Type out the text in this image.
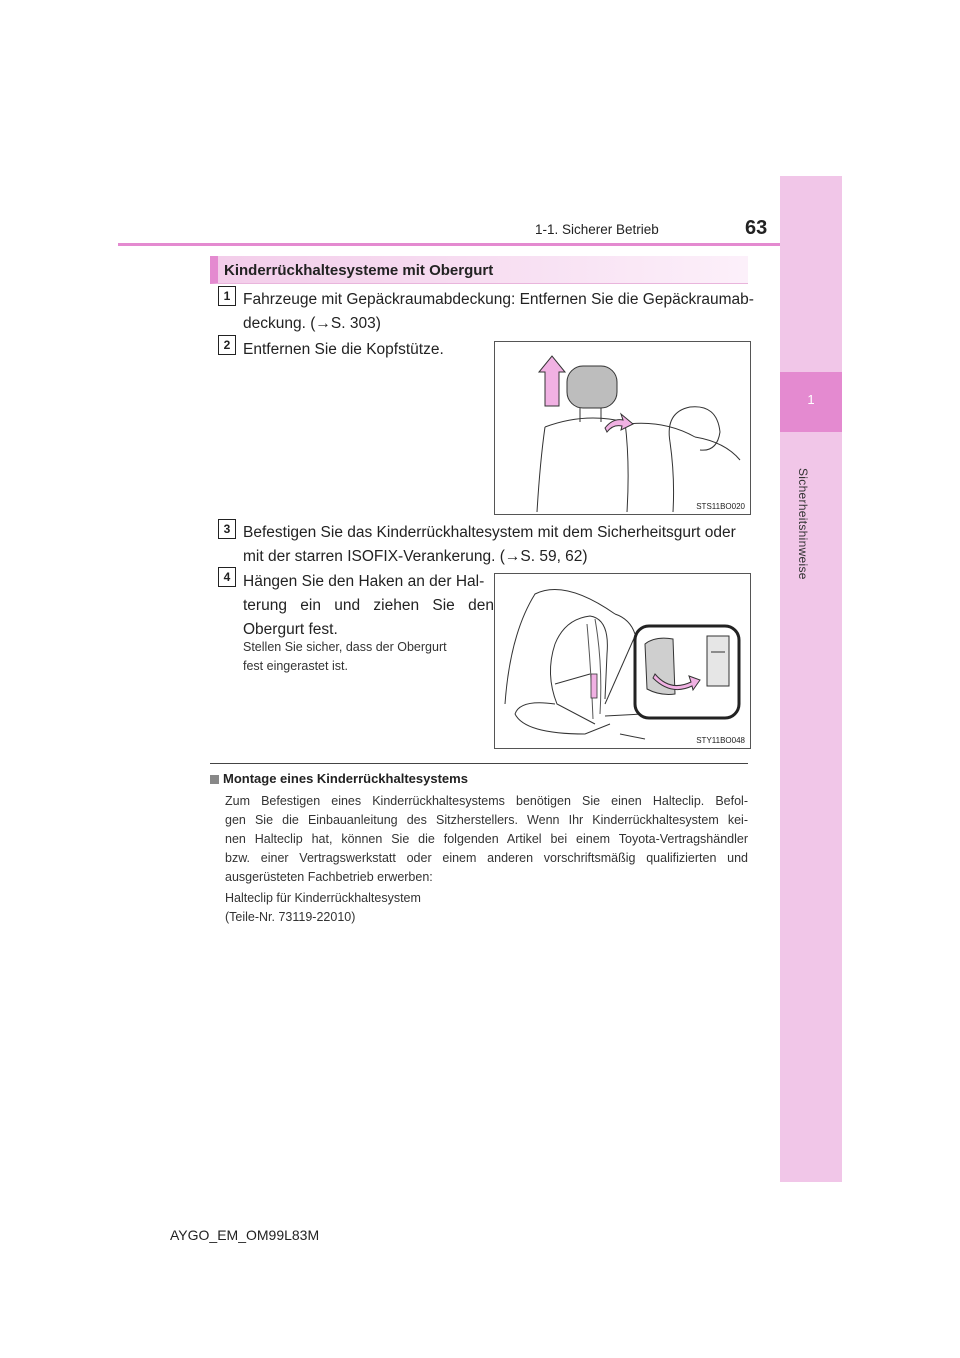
1-1. Sicherer Betrieb	63
1
Sicherheitshinweise
Kinderrückhaltesysteme mit Obergurt
1 Fahrzeuge mit Gepäckraumabdeckung: Entfernen Sie die Gepäckraumab-
deckung. (→S. 303)
2 Entfernen Sie die Kopfstütze.
STS11BO020
3 Befestigen Sie das Kinderrückhaltesystem mit dem Sicherheitsgurt oder
mit der starren ISOFIX-Verankerung. (→S. 59, 62)
4 Hängen Sie den Haken an der Hal-
terung ein und ziehen Sie den
Obergurt fest.
Stellen Sie sicher, dass der Obergurt
fest eingerastet ist.
STY11BO048
Montage eines Kinderrückhaltesystems
Zum Befestigen eines Kinderrückhaltesystems benötigen Sie einen Halteclip. Befol-
gen Sie die Einbauanleitung des Sitzherstellers. Wenn Ihr Kinderrückhaltesystem kei-
nen Halteclip hat, können Sie die folgenden Artikel bei einem Toyota-Vertragshändler
bzw. einer Vertragswerkstatt oder einem anderen vorschriftsmäßig qualifizierten und
ausgerüsteten Fachbetrieb erwerben:
Halteclip für Kinderrückhaltesystem
(Teile-Nr. 73119-22010)
AYGO_EM_OM99L83M
